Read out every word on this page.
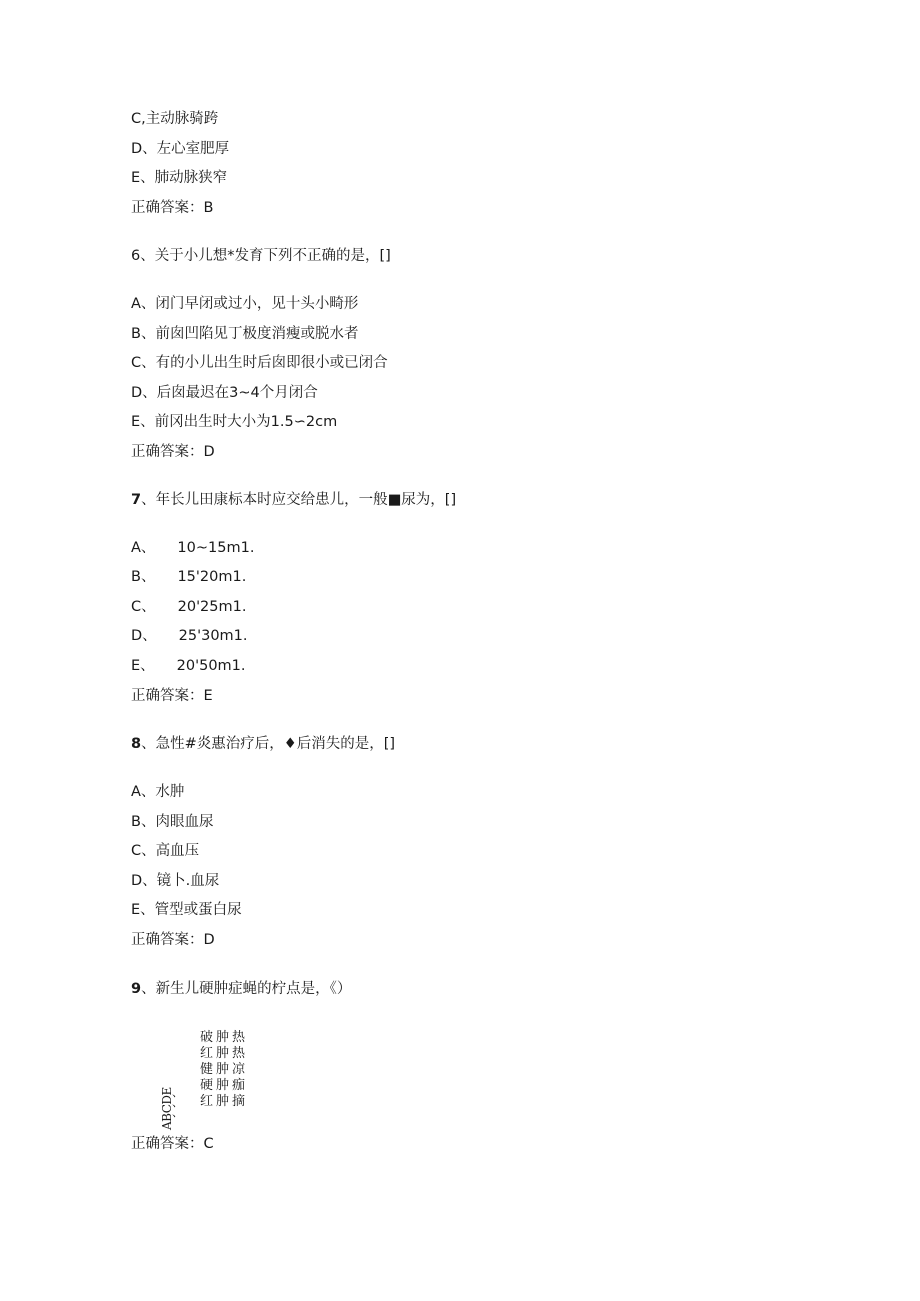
C,主动脉骑跨
D、左心室肥厚
E、肺动脉狭窄
正确答案：B
6、关于小儿想*发育下列不正确的是，[]
A、闭门早闭或过小，见十头小畸形
B、前囱凹陷见丁极度消瘦或脱水者
C、有的小儿出生时后囱即很小或已闭合
D、后囱最迟在3~4个月闭合
E、前冈出生时大小为1.5∽2cm
正确答案：D
7、年长儿田康标本时应交给患儿，一般■尿为，[]
A、 10~15m1.
B、 15'20m1.
C、 20'25m1.
D、 25'30m1.
E、 20'50m1.
正确答案：E
8、急性#炎惠治疗后，♦后消失的是，[]
A、水肿
B、肉眼血尿
C、高血压
D、镜卜.血尿
E、管型或蛋白尿
正确答案：D
9、新生儿硬肿症蝇的柠点是，《）
ABCDE
、
、
、
破肿热
红肿热
健肿凉
硬肿痂
红肿摘
正确答案：C
